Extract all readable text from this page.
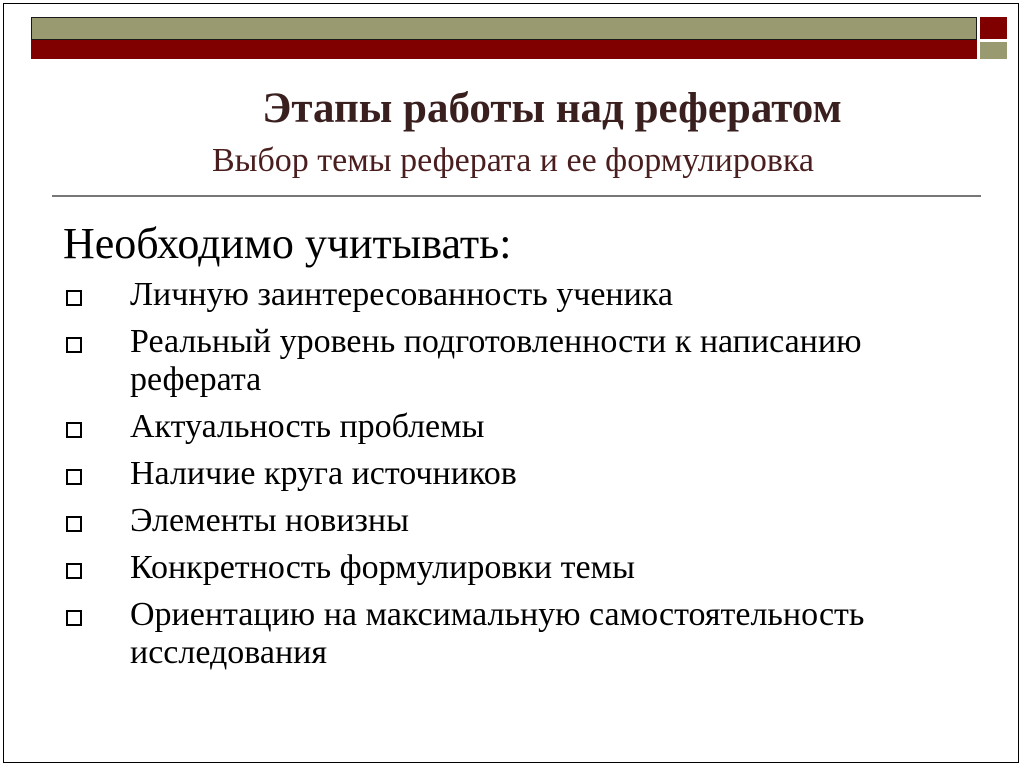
Этапы работы над рефератом
Выбор темы реферата и ее формулировка
Необходимо учитывать:
Личную заинтересованность ученика
Реальный уровень подготовленности к написанию реферата
Актуальность проблемы
Наличие круга источников
Элементы новизны
Конкретность формулировки темы
Ориентацию на максимальную самостоятельность исследования
